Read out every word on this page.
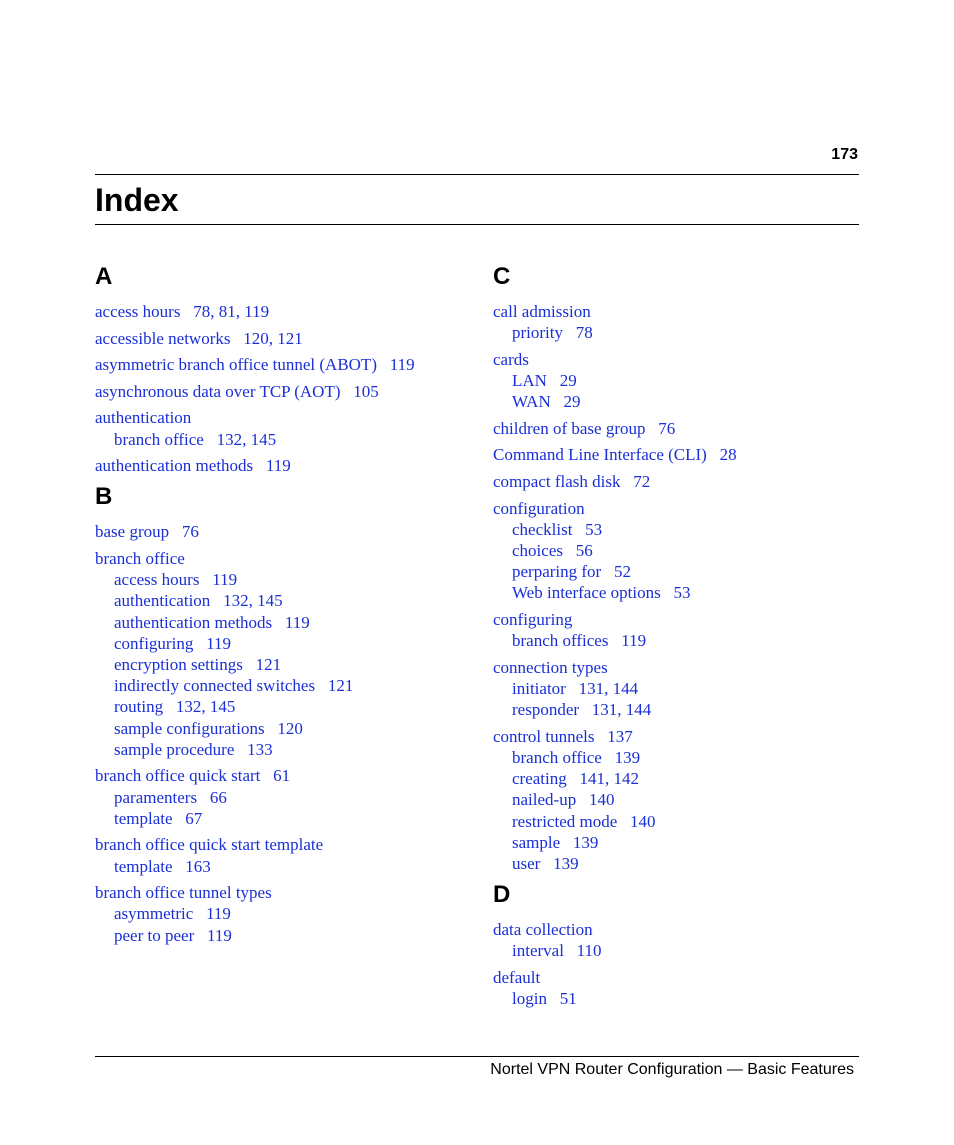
173
Index
A
access hours 78, 81, 119
accessible networks 120, 121
asymmetric branch office tunnel (ABOT) 119
asynchronous data over TCP (AOT) 105
authentication
branch office 132, 145
authentication methods 119
B
base group 76
branch office
access hours 119
authentication 132, 145
authentication methods 119
configuring 119
encryption settings 121
indirectly connected switches 121
routing 132, 145
sample configurations 120
sample procedure 133
branch office quick start 61
paramenters 66
template 67
branch office quick start template
template 163
branch office tunnel types
asymmetric 119
peer to peer 119
C
call admission
priority 78
cards
LAN 29
WAN 29
children of base group 76
Command Line Interface (CLI) 28
compact flash disk 72
configuration
checklist 53
choices 56
perparing for 52
Web interface options 53
configuring
branch offices 119
connection types
initiator 131, 144
responder 131, 144
control tunnels 137
branch office 139
creating 141, 142
nailed-up 140
restricted mode 140
sample 139
user 139
D
data collection
interval 110
default
login 51
Nortel VPN Router Configuration — Basic Features
